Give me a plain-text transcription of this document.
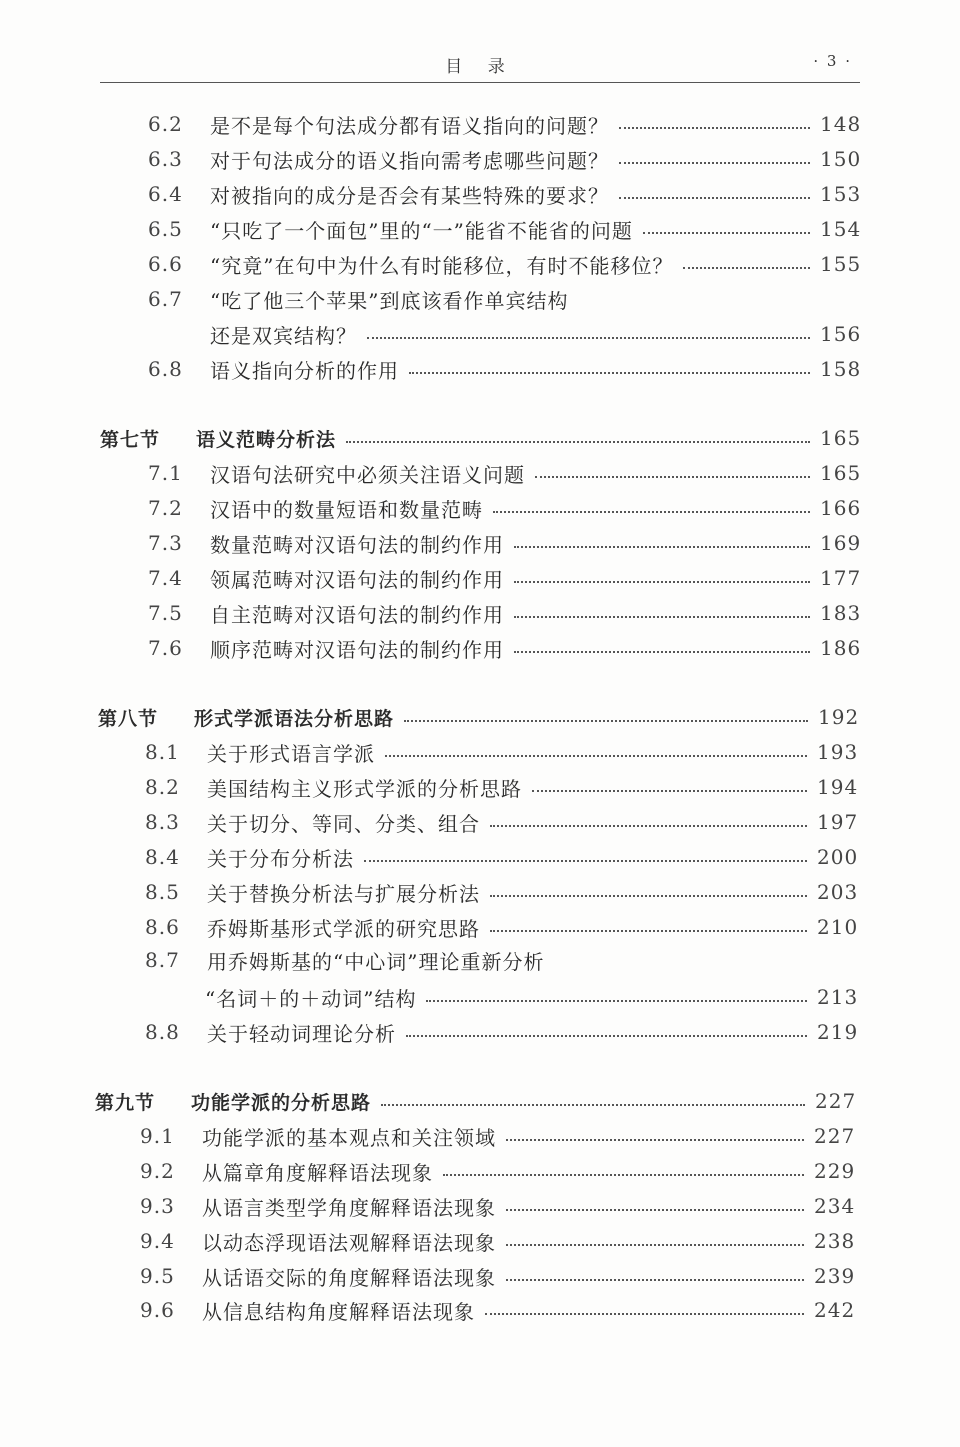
目 录	· 3 ·
6.2	是不是每个句法成分都有语义指向的问题？	148
6.3	对于句法成分的语义指向需考虑哪些问题？	150
6.4	对被指向的成分是否会有某些特殊的要求？	153
6.5	“只吃了一个面包”里的“一”能省不能省的问题	154
6.6	“究竟”在句中为什么有时能移位，有时不能移位？	155
6.7	“吃了他三个苹果”到底该看作单宾结构
还是双宾结构？	156
6.8	语义指向分析的作用	158
第七节	语义范畴分析法	165
7.1	汉语句法研究中必须关注语义问题	165
7.2	汉语中的数量短语和数量范畴	166
7.3	数量范畴对汉语句法的制约作用	169
7.4	领属范畴对汉语句法的制约作用	177
7.5	自主范畴对汉语句法的制约作用	183
7.6	顺序范畴对汉语句法的制约作用	186
第八节	形式学派语法分析思路	192
8.1	关于形式语言学派	193
8.2	美国结构主义形式学派的分析思路	194
8.3	关于切分、等同、分类、组合	197
8.4	关于分布分析法	200
8.5	关于替换分析法与扩展分析法	203
8.6	乔姆斯基形式学派的研究思路	210
8.7	用乔姆斯基的“中心词”理论重新分析
“名词＋的＋动词”结构	213
8.8	关于轻动词理论分析	219
第九节	功能学派的分析思路	227
9.1	功能学派的基本观点和关注领域	227
9.2	从篇章角度解释语法现象	229
9.3	从语言类型学角度解释语法现象	234
9.4	以动态浮现语法观解释语法现象	238
9.5	从话语交际的角度解释语法现象	239
9.6	从信息结构角度解释语法现象	242
